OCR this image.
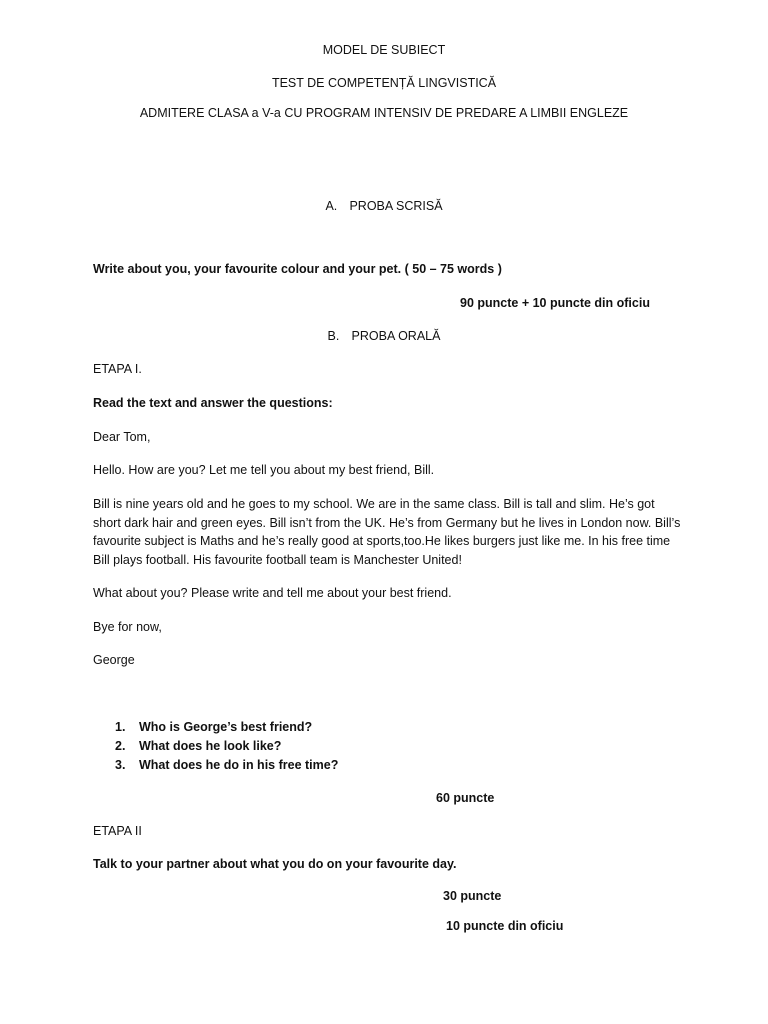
MODEL DE SUBIECT
TEST DE COMPETENȚĂ LINGVISTICĂ
ADMITERE CLASA a V-a CU PROGRAM INTENSIV DE PREDARE A LIMBII ENGLEZE
A. PROBA SCRISĂ
Write about you, your favourite colour and your pet. ( 50 – 75 words )
90 puncte + 10 puncte din oficiu
B. PROBA ORALĂ
ETAPA I.
Read the text and answer the questions:
Dear Tom,
Hello. How are you? Let me tell you about my best friend, Bill.
Bill is nine years old and he goes to my school. We are in the same class. Bill is tall and slim. He’s got short dark hair and green eyes. Bill isn’t from the UK. He’s from Germany but he lives in London now. Bill’s favourite subject is Maths and he’s really good at sports,too.He likes burgers just like me. In his free time Bill plays football. His favourite football team is Manchester United!
What about you? Please write and tell me about your best friend.
Bye for now,
George
1.	Who is George’s best friend?
2.	What does he look like?
3.	What does he do in his free time?
60 puncte
ETAPA II
Talk to your partner about what you do on your favourite day.
30 puncte
10 puncte din oficiu
